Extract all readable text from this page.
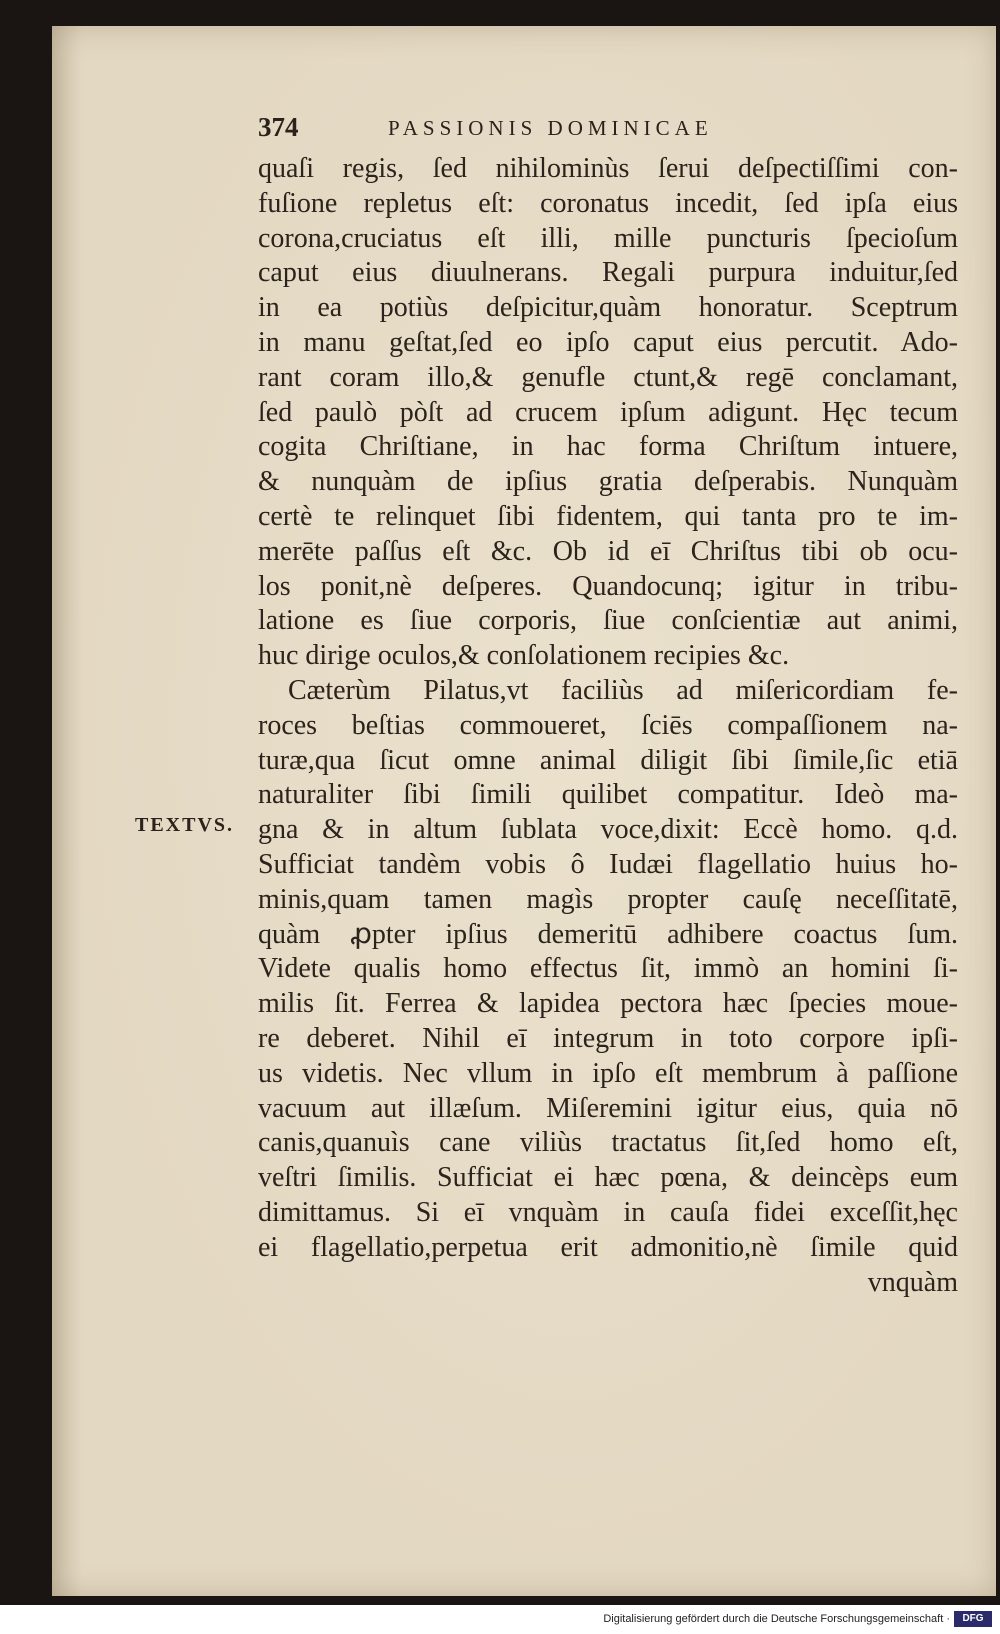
374	PASSIONIS DOMINICAE
TEXTVS.
quaſi regis, ſed nihilominùs ſerui deſpectiſſimi con-
fuſione repletus eſt: coronatus incedit, ſed ipſa eius
corona,cruciatus eſt illi, mille puncturis ſpecioſum
caput eius diuulnerans. Regali purpura induitur,ſed
in ea potiùs deſpicitur,quàm honoratur. Sceptrum
in manu geſtat,ſed eo ipſo caput eius percutit. Ado-
rant coram illo,& genufle ctunt,& regē conclamant,
ſed paulò pòſt ad crucem ipſum adigunt. Hęc tecum
cogita Chriſtiane, in hac forma Chriſtum intuere,
& nunquàm de ipſius gratia deſperabis. Nunquàm
certè te relinquet ſibi fidentem, qui tanta pro te im-
merēte paſſus eſt &c. Ob id eī Chriſtus tibi ob ocu-
los ponit,nè deſperes. Quandocunq; igitur in tribu-
latione es ſiue corporis, ſiue conſcientiæ aut animi,
huc dirige oculos,& conſolationem recipies &c.
Cæterùm Pilatus,vt faciliùs ad miſericordiam fe-
roces beſtias commoueret, ſciēs compaſſionem na-
turæ,qua ſicut omne animal diligit ſibi ſimile,ſic etiā
naturaliter ſibi ſimili quilibet compatitur. Ideò ma-
gna & in altum ſublata voce,dixit: Eccè homo. q.d.
Sufficiat tandèm vobis ô Iudæi flagellatio huius ho-
minis,quam tamen magìs propter cauſę neceſſitatē,
quàm ꝓpter ipſius demeritū adhibere coactus ſum.
Videte qualis homo effectus ſit, immò an homini ſi-
milis ſit. Ferrea & lapidea pectora hæc ſpecies moue-
re deberet. Nihil eī integrum in toto corpore ipſi-
us videtis. Nec vllum in ipſo eſt membrum à paſſione
vacuum aut illæſum. Miſeremini igitur eius, quia nō
canis,quanuìs cane viliùs tractatus ſit,ſed homo eſt,
veſtri ſimilis. Sufficiat ei hæc pœna, & deincèps eum
dimittamus. Si eī vnquàm in cauſa fidei exceſſit,hęc
ei flagellatio,perpetua erit admonitio,nè ſimile quid
vnquàm
Digitalisierung gefördert durch die Deutsche Forschungsgemeinschaft ·	DFG
